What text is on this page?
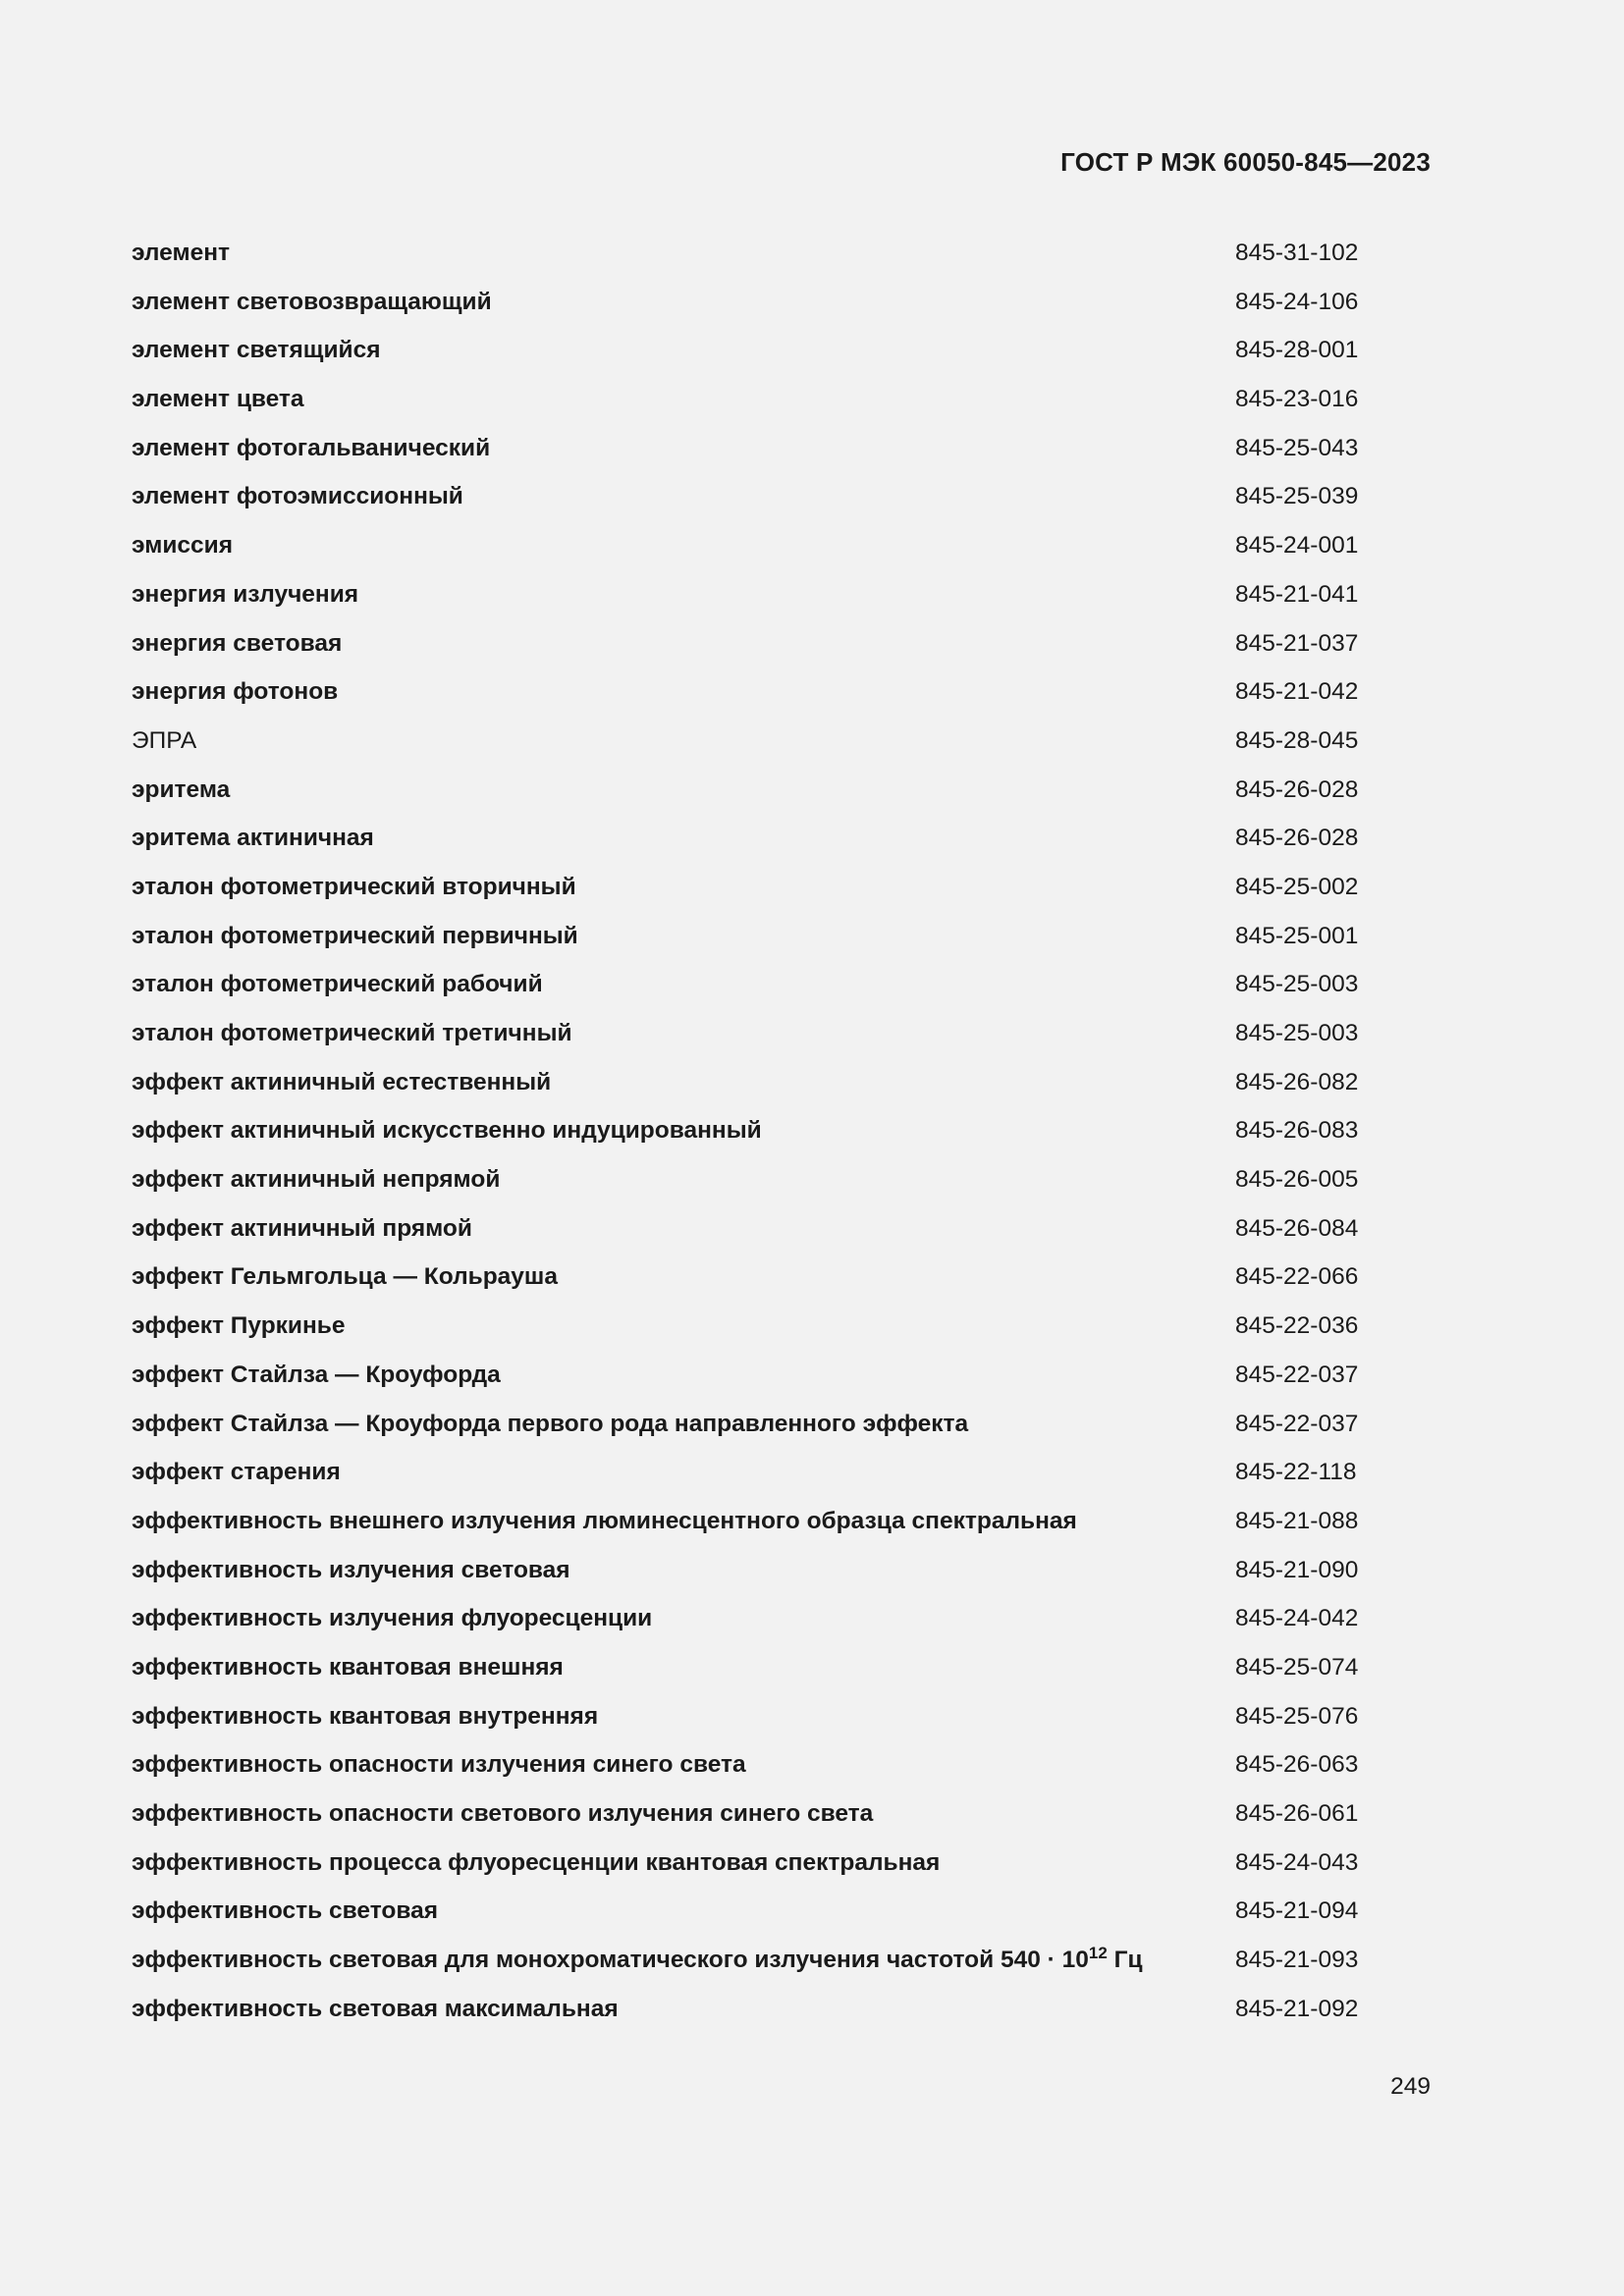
ГОСТ Р МЭК 60050-845—2023
элемент	845-31-102
элемент световозвращающий	845-24-106
элемент светящийся	845-28-001
элемент цвета	845-23-016
элемент фотогальванический	845-25-043
элемент фотоэмиссионный	845-25-039
эмиссия	845-24-001
энергия излучения	845-21-041
энергия световая	845-21-037
энергия фотонов	845-21-042
ЭПРА	845-28-045
эритема	845-26-028
эритема актиничная	845-26-028
эталон фотометрический вторичный	845-25-002
эталон фотометрический первичный	845-25-001
эталон фотометрический рабочий	845-25-003
эталон фотометрический третичный	845-25-003
эффект актиничный естественный	845-26-082
эффект актиничный искусственно индуцированный	845-26-083
эффект актиничный непрямой	845-26-005
эффект актиничный прямой	845-26-084
эффект Гельмгольца — Кольрауша	845-22-066
эффект Пуркинье	845-22-036
эффект Стайлза — Кроуфорда	845-22-037
эффект Стайлза — Кроуфорда первого рода направленного эффекта	845-22-037
эффект старения	845-22-118
эффективность внешнего излучения люминесцентного образца спектральная	845-21-088
эффективность излучения световая	845-21-090
эффективность излучения флуоресценции	845-24-042
эффективность квантовая внешняя	845-25-074
эффективность квантовая внутренняя	845-25-076
эффективность опасности излучения синего света	845-26-063
эффективность опасности светового излучения синего света	845-26-061
эффективность процесса флуоресценции квантовая спектральная	845-24-043
эффективность световая	845-21-094
эффективность световая для монохроматического излучения частотой $540 \cdot 10^{12}$ Гц	845-21-093
эффективность световая максимальная	845-21-092
249
